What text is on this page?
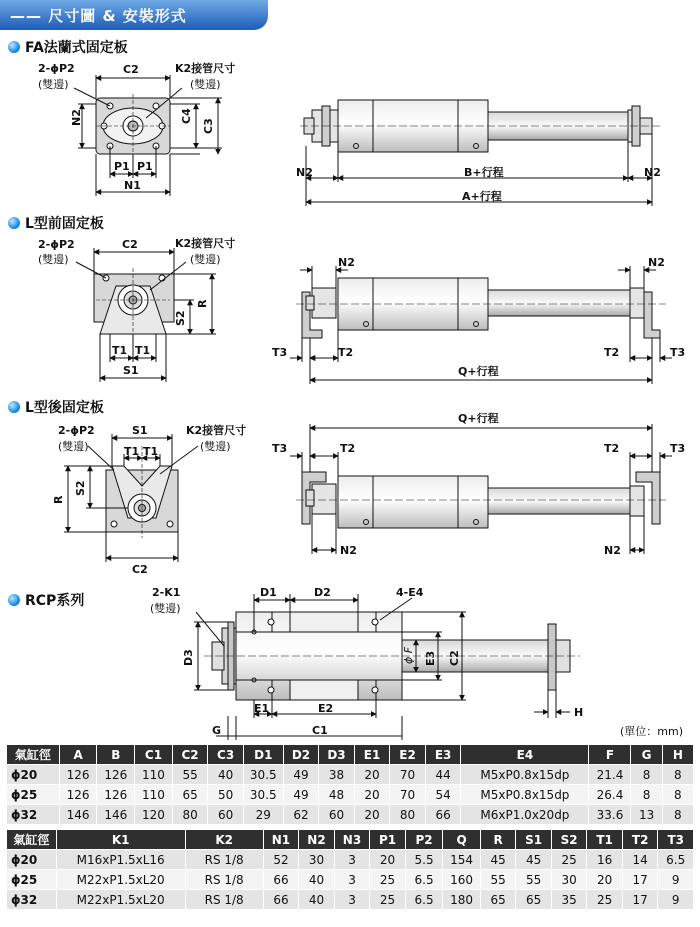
—— 尺寸圖 & 安裝形式
FA法蘭式固定板
L型前固定板
L型後固定板
RCP系列
2-ϕP2
(雙邊)
C2	K2接管尺寸
(雙邊)
N2	C4
C3
P1 P1
N1
N2	B+行程	N2
A+行程
2-ϕP2
(雙邊)
C2	K2接管尺寸
(雙邊)
S2
R
T1 T1
S1
N2	N2
T3	T2	T2	T3
Q+行程
2-ϕP2
(雙邊)
S1	K2接管尺寸
(雙邊)
T1 T1
R
S2
C2
Q+行程
T3	T2	T2	T3
N2	N2
2-K1
(雙邊)
D1	D2	4-E4
D3	ϕ F E3 C2
E1	E2	H
G	C1	(單位：mm)
氣缸徑	A	B	C1	C2	C3	D1	D2	D3	E1	E2	E3	E4	F	G	H
ϕ20	126	126	110	55	40	30.5	49	38	20	70	44	M5xP0.8x15dp	21.4	8	8
ϕ25	126	126	110	65	50	30.5	49	48	20	70	54	M5xP0.8x15dp	26.4	8	8
ϕ32	146	146	120	80	60	29	62	60	20	80	66	M6xP1.0x20dp	33.6	13	8
氣缸徑	K1	K2	N1	N2	N3	P1	P2	Q	R	S1	S2	T1	T2	T3
ϕ20	M16xP1.5xL16	RS 1/8	52	30	3	20	5.5	154	45	45	25	16	14	6.5
ϕ25	M22xP1.5xL20	RS 1/8	66	40	3	25	6.5	160	55	55	30	20	17	9
ϕ32	M22xP1.5xL20	RS 1/8	66	40	3	25	6.5	180	65	65	35	25	17	9
